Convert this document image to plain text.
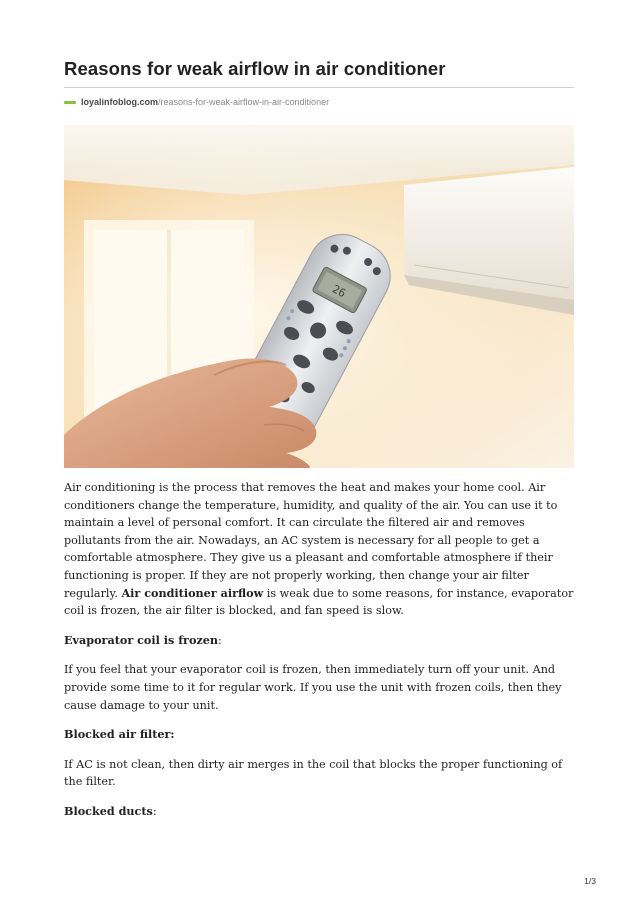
Reasons for weak airflow in air conditioner
loyalinfoblog.com /reasons-for-weak-airflow-in-air-conditioner
26

Air conditioning is the process that removes the heat and makes your home cool. Air conditioners change the temperature, humidity, and quality of the air. You can use it to maintain a level of personal comfort. It can circulate the filtered air and removes pollutants from the air. Nowadays, an AC system is necessary for all people to get a comfortable atmosphere. They give us a pleasant and comfortable atmosphere if their functioning is proper. If they are not properly working, then change your air filter regularly. Air conditioner airflow is weak due to some reasons, for instance, evaporator coil is frozen, the air filter is blocked, and fan speed is slow.

Evaporator coil is frozen:

If you feel that your evaporator coil is frozen, then immediately turn off your unit. And provide some time to it for regular work. If you use the unit with frozen coils, then they cause damage to your unit.

Blocked air filter:

If AC is not clean, then dirty air merges in the coil that blocks the proper functioning of the filter.

Blocked ducts:

1/3
